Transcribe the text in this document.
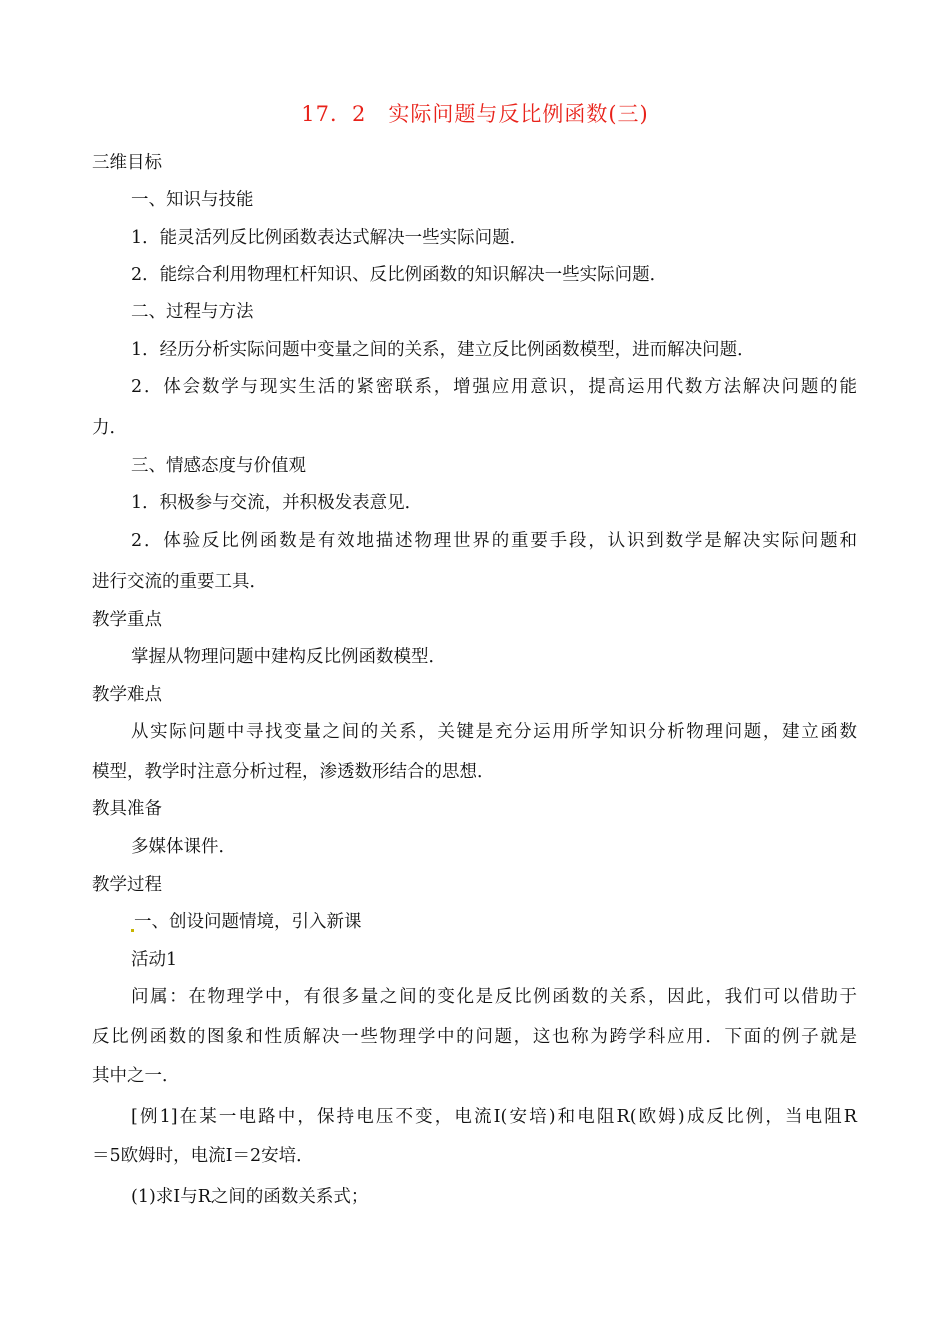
17．2　实际问题与反比例函数(三)
三维目标
一、知识与技能
1．能灵活列反比例函数表达式解决一些实际问题．
2．能综合利用物理杠杆知识、反比例函数的知识解决一些实际问题．
二、过程与方法
1．经历分析实际问题中变量之间的关系，建立反比例函数模型，进而解决问题．
2．体会数学与现实生活的紧密联系，增强应用意识，提高运用代数方法解决问题的能
力．
三、情感态度与价值观
1．积极参与交流，并积极发表意见．
2．体验反比例函数是有效地描述物理世界的重要手段，认识到数学是解决实际问题和
进行交流的重要工具．
教学重点
掌握从物理问题中建构反比例函数模型．
教学难点
从实际问题中寻找变量之间的关系，关键是充分运用所学知识分析物理问题，建立函数
模型，教学时注意分析过程，渗透数形结合的思想．
教具准备
多媒体课件．
教学过程
一、创设问题情境，引入新课
活动1
问属：在物理学中，有很多量之间的变化是反比例函数的关系，因此，我们可以借助于
反比例函数的图象和性质解决一些物理学中的问题，这也称为跨学科应用．下面的例子就是
其中之一．
[例1]在某一电路中，保持电压不变，电流I(安培)和电阻R(欧姆)成反比例，当电阻R
＝5欧姆时，电流I＝2安培．
(1)求I与R之间的函数关系式；
